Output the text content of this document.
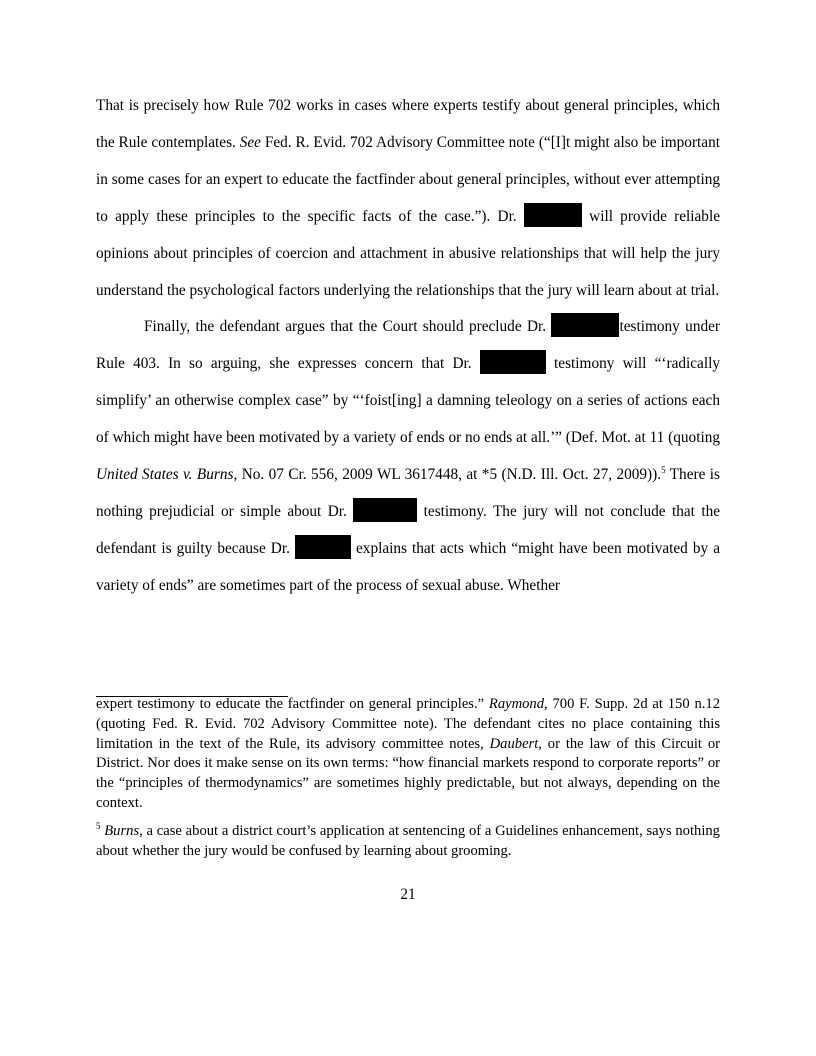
That is precisely how Rule 702 works in cases where experts testify about general principles, which the Rule contemplates. See Fed. R. Evid. 702 Advisory Committee note (“[I]t might also be important in some cases for an expert to educate the factfinder about general principles, without ever attempting to apply these principles to the specific facts of the case.”). Dr.	will provide reliable opinions about principles of coercion and attachment in abusive relationships that will help the jury understand the psychological factors underlying the relationships that the jury will learn about at trial.

Finally, the defendant argues that the Court should preclude Dr.	testimony under Rule 403. In so arguing, she expresses concern that Dr.	testimony will “‘radically simplify’ an otherwise complex case” by “‘foist[ing] a damning teleology on a series of actions each of which might have been motivated by a variety of ends or no ends at all.’” (Def. Mot. at 11 (quoting United States v. Burns, No. 07 Cr. 556, 2009 WL 3617448, at *5 (N.D. Ill. Oct. 27, 2009)).$^5$ There is nothing prejudicial or simple about Dr.	testimony. The jury will not conclude that the defendant is guilty because Dr.	explains that acts which “might have been motivated by a variety of ends” are sometimes part of the process of sexual abuse. Whether

expert testimony to educate the factfinder on general principles.” Raymond, 700 F. Supp. 2d at 150 n.12 (quoting Fed. R. Evid. 702 Advisory Committee note). The defendant cites no place containing this limitation in the text of the Rule, its advisory committee notes, Daubert, or the law of this Circuit or District. Nor does it make sense on its own terms: “how financial markets respond to corporate reports” or the “principles of thermodynamics” are sometimes highly predictable, but not always, depending on the context.

$^5$ Burns, a case about a district court’s application at sentencing of a Guidelines enhancement, says nothing about whether the jury would be confused by learning about grooming.

21
